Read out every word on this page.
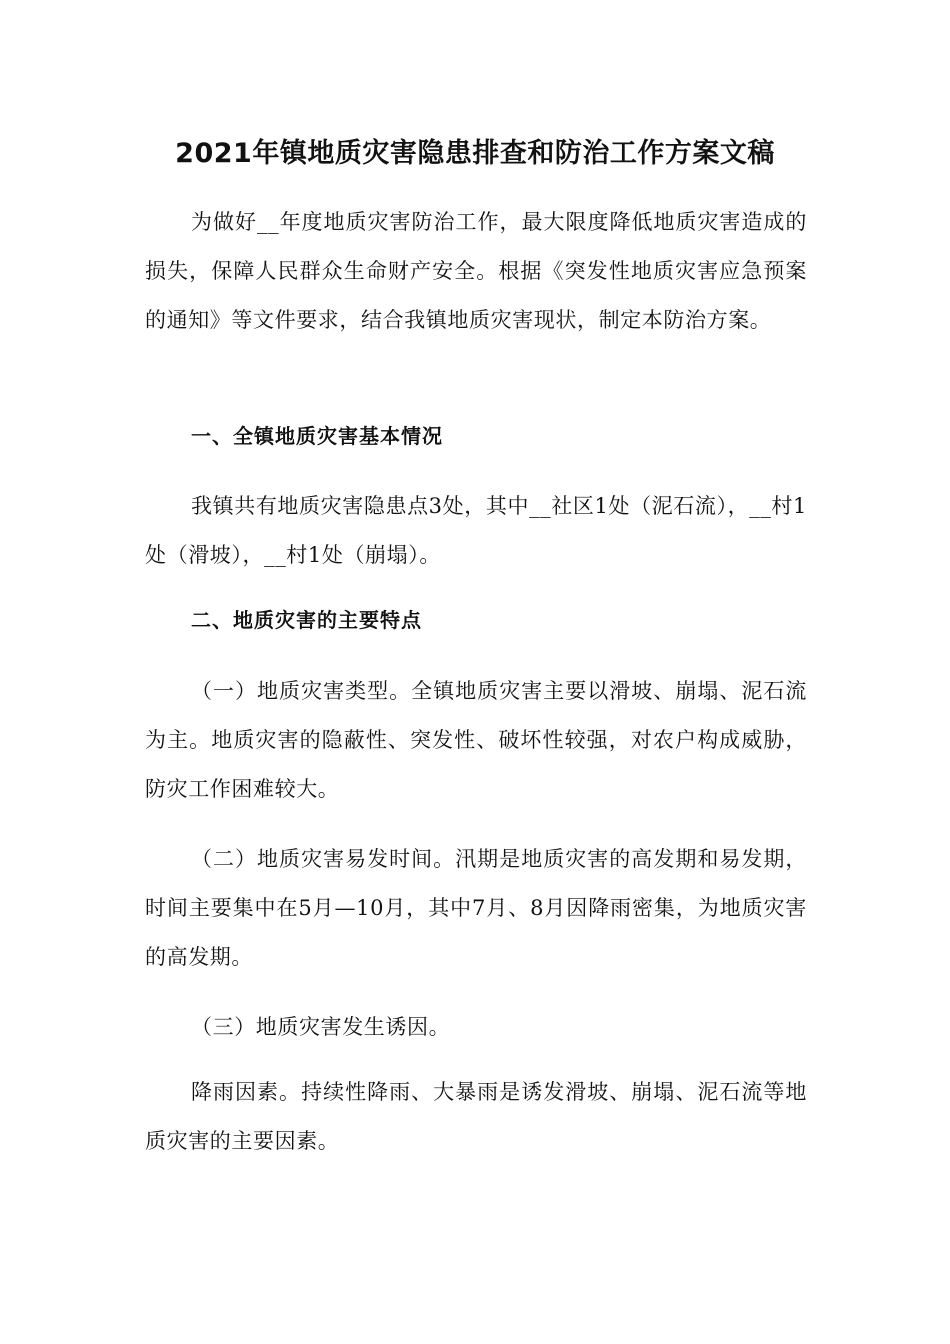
2021年镇地质灾害隐患排查和防治工作方案文稿

为做好__年度地质灾害防治工作，最大限度降低地质灾害造成的损失，保障人民群众生命财产安全。根据《突发性地质灾害应急预案的通知》等文件要求，结合我镇地质灾害现状，制定本防治方案。

一、全镇地质灾害基本情况

我镇共有地质灾害隐患点3处，其中__社区1处（泥石流），__村1处（滑坡），__村1处（崩塌）。

二、地质灾害的主要特点

（一）地质灾害类型。全镇地质灾害主要以滑坡、崩塌、泥石流为主。地质灾害的隐蔽性、突发性、破坏性较强，对农户构成威胁，防灾工作困难较大。

（二）地质灾害易发时间。汛期是地质灾害的高发期和易发期，时间主要集中在5月—10月，其中7月、8月因降雨密集，为地质灾害的高发期。

（三）地质灾害发生诱因。

降雨因素。持续性降雨、大暴雨是诱发滑坡、崩塌、泥石流等地质灾害的主要因素。
